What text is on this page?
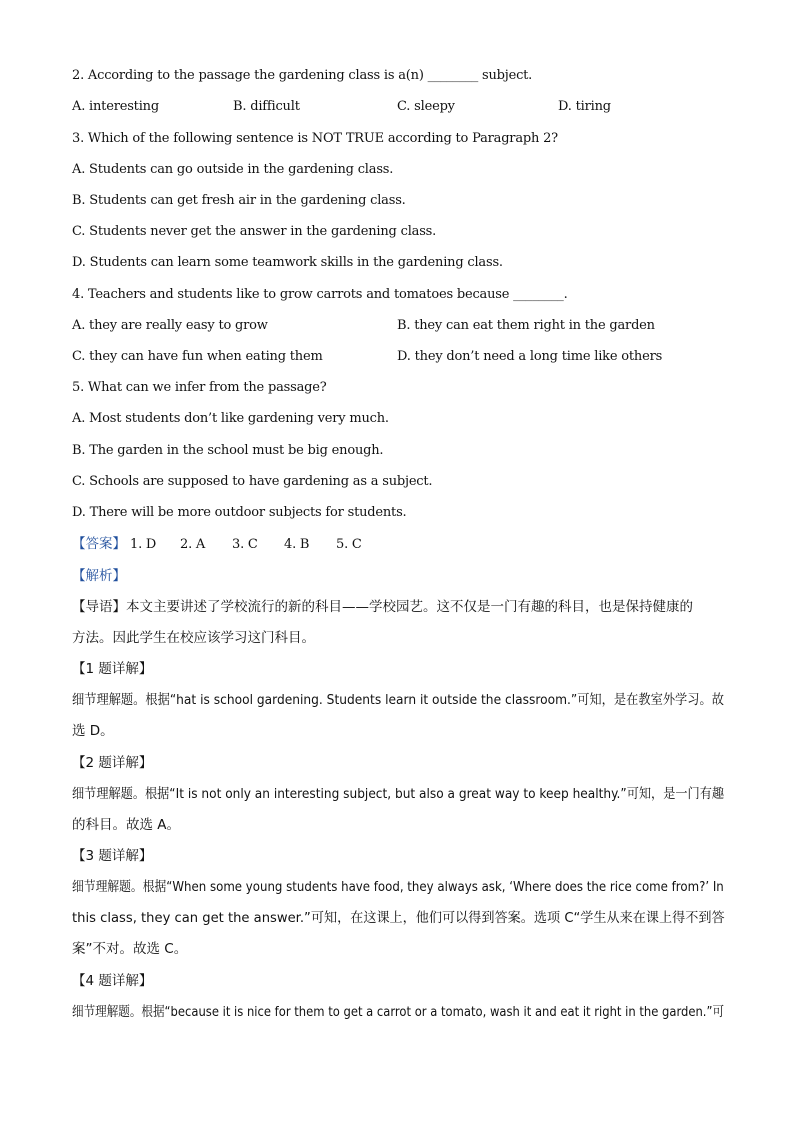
2. According to the passage the gardening class is a(n) ________ subject.
A. interesting	B. difficult	C. sleepy	D. tiring
3. Which of the following sentence is NOT TRUE according to Paragraph 2?
A. Students can go outside in the gardening class.
B. Students can get fresh air in the gardening class.
C. Students never get the answer in the gardening class.
D. Students can learn some teamwork skills in the gardening class.
4. Teachers and students like to grow carrots and tomatoes because ________.
A. they are really easy to grow	B. they can eat them right in the garden
C. they can have fun when eating them	D. they don’t need a long time like others
5. What can we infer from the passage?
A. Most students don’t like gardening very much.
B. The garden in the school must be big enough.
C. Schools are supposed to have gardening as a subject.
D. There will be more outdoor subjects for students.
【答案】 1. D 2. A 3. C 4. B 5. C
【解析】
【导语】本文主要讲述了学校流行的新的科目——学校园艺。这不仅是一门有趣的科目，也是保持健康的
方法。因此学生在校应该学习这门科目。
【1 题详解】
细节理解题。根据“hat is school gardening. Students learn it outside the classroom.”可知，是在教室外学习。故
选 D。
【2 题详解】
细节理解题。根据“It is not only an interesting subject, but also a great way to keep healthy.”可知，是一门有趣
的科目。故选 A。
【3 题详解】
细节理解题。根据“When some young students have food, they always ask, ‘Where does the rice come from?’ In
this class, they can get the answer.”可知，在这课上，他们可以得到答案。选项 C“学生从来在课上得不到答
案”不对。故选 C。
【4 题详解】
细节理解题。根据“because it is nice for them to get a carrot or a tomato, wash it and eat it right in the garden.”可
